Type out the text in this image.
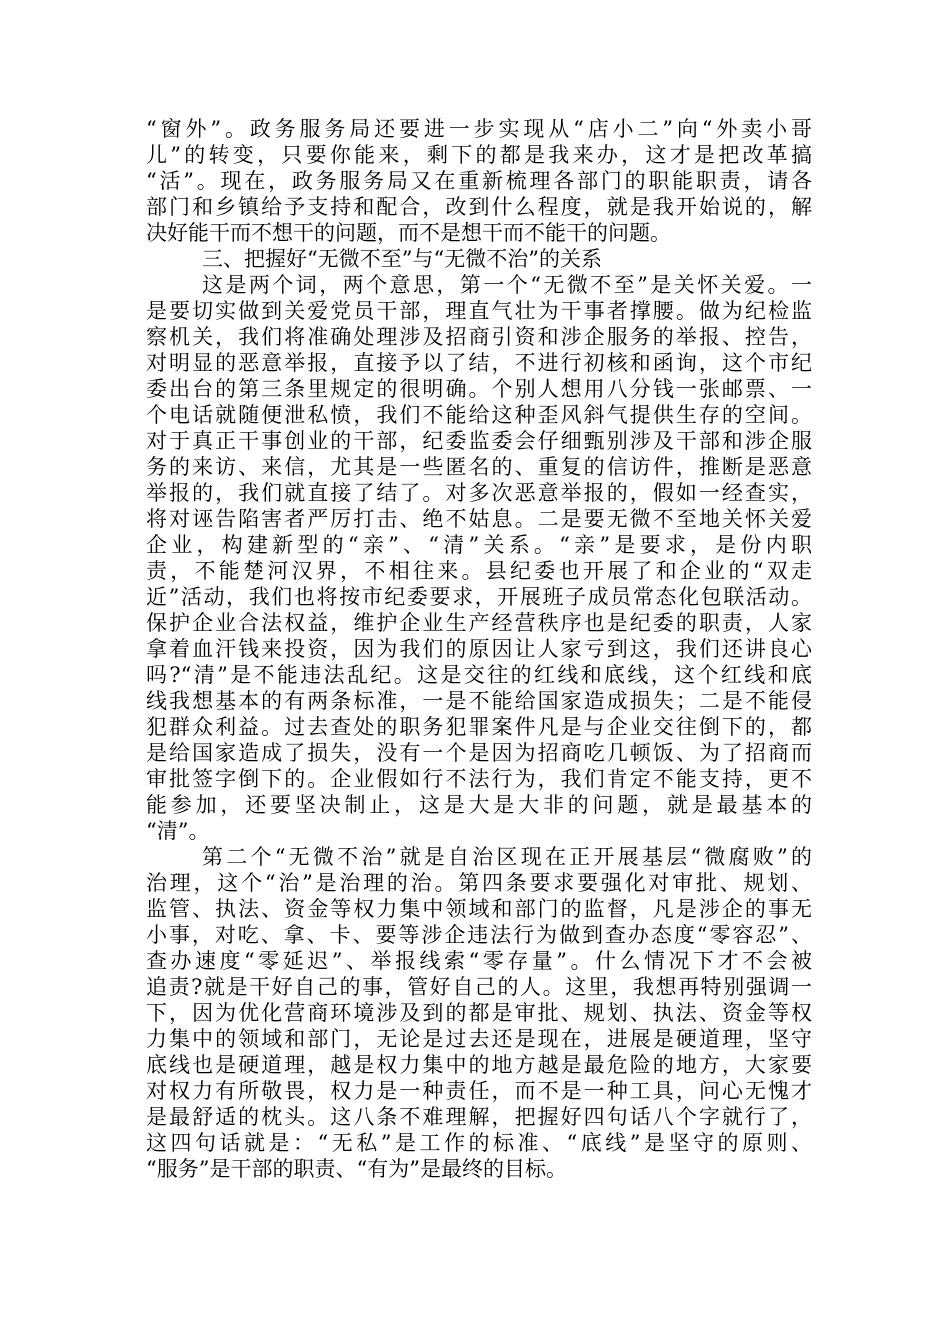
“窗外”。政务服务局还要进一步实现从“店小二”向“外卖小哥
儿”的转变，只要你能来，剩下的都是我来办，这才是把改革搞
“活”。现在，政务服务局又在重新梳理各部门的职能职责，请各
部门和乡镇给予支持和配合，改到什么程度，就是我开始说的，解
决好能干而不想干的问题，而不是想干而不能干的问题。
三、把握好“无微不至”与“无微不治”的关系
这是两个词，两个意思，第一个“无微不至”是关怀关爱。一
是要切实做到关爱党员干部，理直气壮为干事者撑腰。做为纪检监
察机关，我们将准确处理涉及招商引资和涉企服务的举报、控告，
对明显的恶意举报，直接予以了结，不进行初核和函询，这个市纪
委出台的第三条里规定的很明确。个别人想用八分钱一张邮票、一
个电话就随便泄私愤，我们不能给这种歪风斜气提供生存的空间。
对于真正干事创业的干部，纪委监委会仔细甄别涉及干部和涉企服
务的来访、来信，尤其是一些匿名的、重复的信访件，推断是恶意
举报的，我们就直接了结了。对多次恶意举报的，假如一经查实，
将对诬告陷害者严厉打击、绝不姑息。二是要无微不至地关怀关爱
企业，构建新型的“亲”、“清”关系。“亲”是要求，是份内职
责，不能楚河汉界，不相往来。县纪委也开展了和企业的“双走
近”活动，我们也将按市纪委要求，开展班子成员常态化包联活动。
保护企业合法权益，维护企业生产经营秩序也是纪委的职责，人家
拿着血汗钱来投资，因为我们的原因让人家亏到这，我们还讲良心
吗?“清”是不能违法乱纪。这是交往的红线和底线，这个红线和底
线我想基本的有两条标准，一是不能给国家造成损失；二是不能侵
犯群众利益。过去查处的职务犯罪案件凡是与企业交往倒下的，都
是给国家造成了损失，没有一个是因为招商吃几顿饭、为了招商而
审批签字倒下的。企业假如行不法行为，我们肯定不能支持，更不
能参加，还要坚决制止，这是大是大非的问题，就是最基本的
“清”。
第二个“无微不治”就是自治区现在正开展基层“微腐败”的
治理，这个“治”是治理的治。第四条要求要强化对审批、规划、
监管、执法、资金等权力集中领域和部门的监督，凡是涉企的事无
小事，对吃、拿、卡、要等涉企违法行为做到查办态度“零容忍”、
查办速度“零延迟”、举报线索“零存量”。什么情况下才不会被
追责?就是干好自己的事，管好自己的人。这里，我想再特别强调一
下，因为优化营商环境涉及到的都是审批、规划、执法、资金等权
力集中的领域和部门，无论是过去还是现在，进展是硬道理，坚守
底线也是硬道理，越是权力集中的地方越是最危险的地方，大家要
对权力有所敬畏，权力是一种责任，而不是一种工具，问心无愧才
是最舒适的枕头。这八条不难理解，把握好四句话八个字就行了，
这四句话就是：“无私”是工作的标准、“底线”是坚守的原则、
“服务”是干部的职责、“有为”是最终的目标。
